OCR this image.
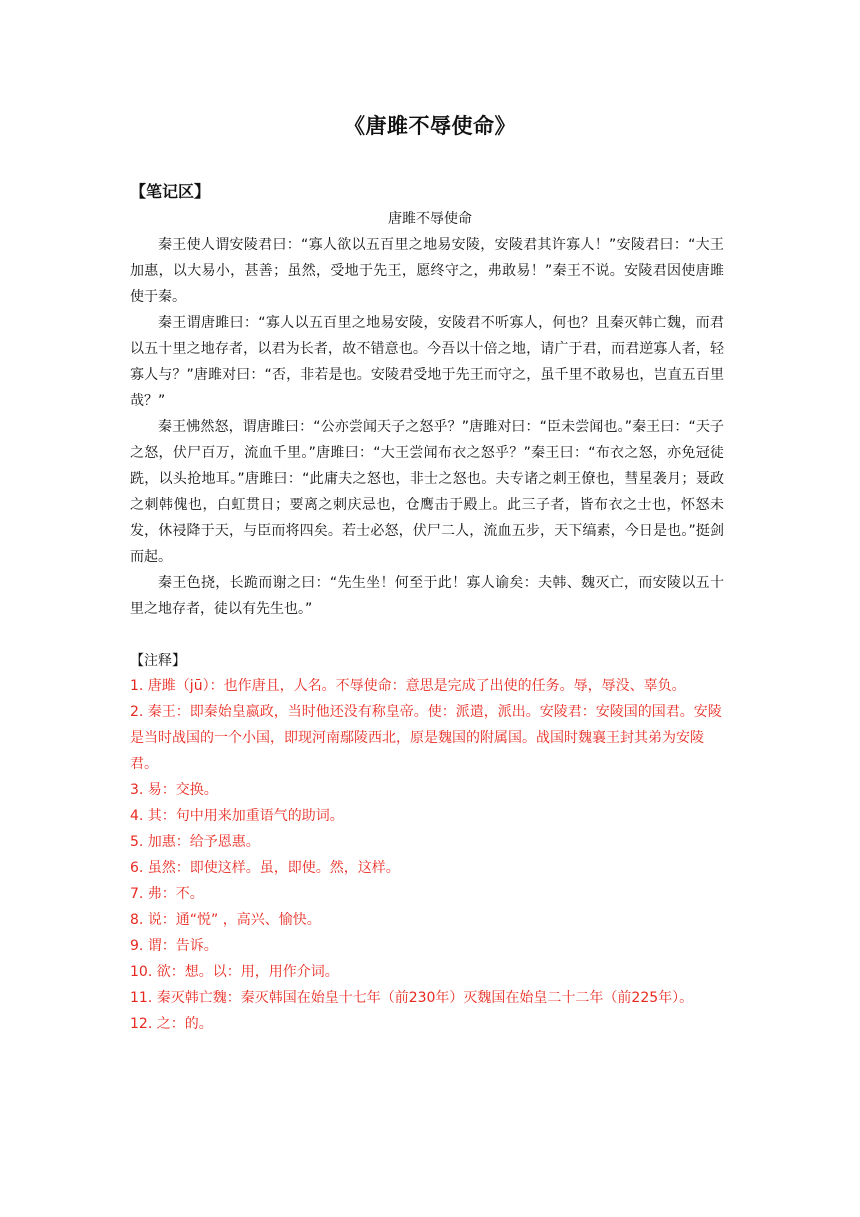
《唐雎不辱使命》
【笔记区】
唐雎不辱使命

秦王使人谓安陵君曰：“寡人欲以五百里之地易安陵，安陵君其许寡人！”安陵君曰：“大王加惠，以大易小，甚善；虽然，受地于先王，愿终守之，弗敢易！”秦王不说。安陵君因使唐雎使于秦。

秦王谓唐雎曰：“寡人以五百里之地易安陵，安陵君不听寡人，何也？且秦灭韩亡魏，而君以五十里之地存者，以君为长者，故不错意也。今吾以十倍之地，请广于君，而君逆寡人者，轻寡人与？”唐雎对曰：“否，非若是也。安陵君受地于先王而守之，虽千里不敢易也，岂直五百里哉？”

秦王怫然怒，谓唐雎曰：“公亦尝闻天子之怒乎？”唐雎对曰：“臣未尝闻也。”秦王曰：“天子之怒，伏尸百万，流血千里。”唐雎曰：“大王尝闻布衣之怒乎？”秦王曰：“布衣之怒，亦免冠徒跣，以头抢地耳。”唐雎曰：“此庸夫之怒也，非士之怒也。夫专诸之刺王僚也，彗星袭月；聂政之刺韩傀也，白虹贯日；要离之刺庆忌也，仓鹰击于殿上。此三子者，皆布衣之士也，怀怒未发，休祲降于天，与臣而将四矣。若士必怒，伏尸二人，流血五步，天下缟素，今日是也。”挺剑而起。

秦王色挠，长跪而谢之曰：“先生坐！何至于此！寡人谕矣：夫韩、魏灭亡，而安陵以五十里之地存者，徒以有先生也。”

【注释】
1. 唐雎（jū）：也作唐且，人名。不辱使命：意思是完成了出使的任务。辱，辱没、辜负。
2. 秦王：即秦始皇嬴政，当时他还没有称皇帝。使：派遣，派出。安陵君：安陵国的国君。安陵是当时战国的一个小国，即现河南鄢陵西北，原是魏国的附属国。战国时魏襄王封其弟为安陵君。
3. 易：交换。
4. 其：句中用来加重语气的助词。
5. 加惠：给予恩惠。
6. 虽然：即使这样。虽，即使。然，这样。
7. 弗：不。
8. 说：通“悦” ，高兴、愉快。
9. 谓：告诉。
10. 欲：想。以：用，用作介词。
11. 秦灭韩亡魏：秦灭韩国在始皇十七年（前230年）灭魏国在始皇二十二年（前225年）。
12. 之：的。
